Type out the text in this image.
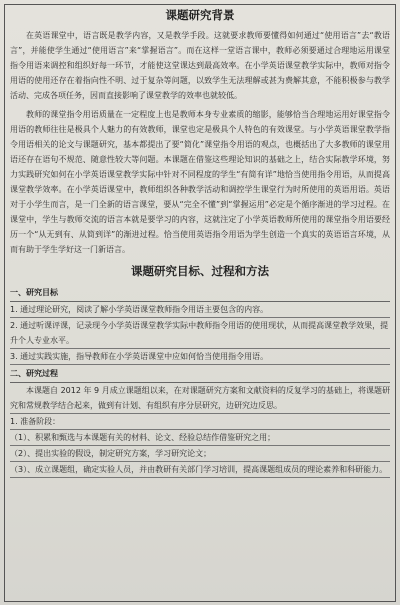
课题研究背景

在英语课堂中，语言既是教学内容，又是教学手段。这就要求教师要懂得如何通过“使用语言”去“教语言”，并能使学生通过“使用语言”来“掌握语言”。而在这样一堂语言课中，教师必须要通过合理地运用课堂指令用语来调控和组织好每一环节，才能使这堂课达到最高效率。在小学英语课堂教学实际中，教师对指令用语的使用还存在着指向性不明、过于复杂等问题，以致学生无法理解或甚为费解其意，不能积极参与教学活动、完成各项任务，因而直接影响了课堂教学的效率也就较低。

教师的课堂指令用语质量在一定程度上也是教师本身专业素质的缩影，能够恰当合理地运用好课堂指令用语的教师往往是极具个人魅力的有效教师，课堂也定是极具个人特色的有效课堂。与小学英语课堂教学指令用语相关的论文与课题研究，基本都提出了要“简化”课堂指令用语的观点，也概括出了大多教师的课堂用语还存在语句不规范、随意性较大等问题。本课题在借鉴这些理论知识的基础之上，结合实际教学环境，努力实践研究如何在小学英语课堂教学实际中针对不同程度的学生“有简有详”地恰当使用指令用语，从而提高课堂教学效率。在小学英语课堂中，教师组织各种教学活动和调控学生课堂行为时所使用的英语用语。英语对于小学生而言，是一门全新的语言课堂，要从“完全不懂”到“掌握运用”必定是个循序渐进的学习过程。在课堂中，学生与教师交流的语言本就是要学习的内容，这就注定了小学英语教师所使用的课堂指令用语要经历一个“从无到有、从简到详”的渐进过程。恰当使用英语指令用语为学生创造一个真实的英语语言环境，从而有助于学生学好这一门新语言。

课题研究目标、过程和方法
一、研究目标
1. 通过理论研究，阅读了解小学英语课堂教师指令用语主要包含的内容。
2. 通过听课评课，记录现今小学英语课堂教学实际中教师指令用语的使用现状，从而提高课堂教学效果，提升个人专业水平。
3. 通过实践实施，指导教师在小学英语课堂中应如何恰当使用指令用语。
二、研究过程

本课题自 2012 年 9 月成立课题组以来，在对课题研究方案和文献资料的反复学习的基础上，将课题研究和常规教学结合起来，做到有计划、有组织有序分层研究，边研究边反思。

1. 准备阶段：
（1）、积累和甄选与本课题有关的材料、论文、经验总结作借鉴研究之用；
（2）、提出实验的假设，制定研究方案，学习研究论文；
（3）、成立课题组，确定实验人员，并由教研有关部门学习培训，提高课题组成员的理论素养和科研能力。
